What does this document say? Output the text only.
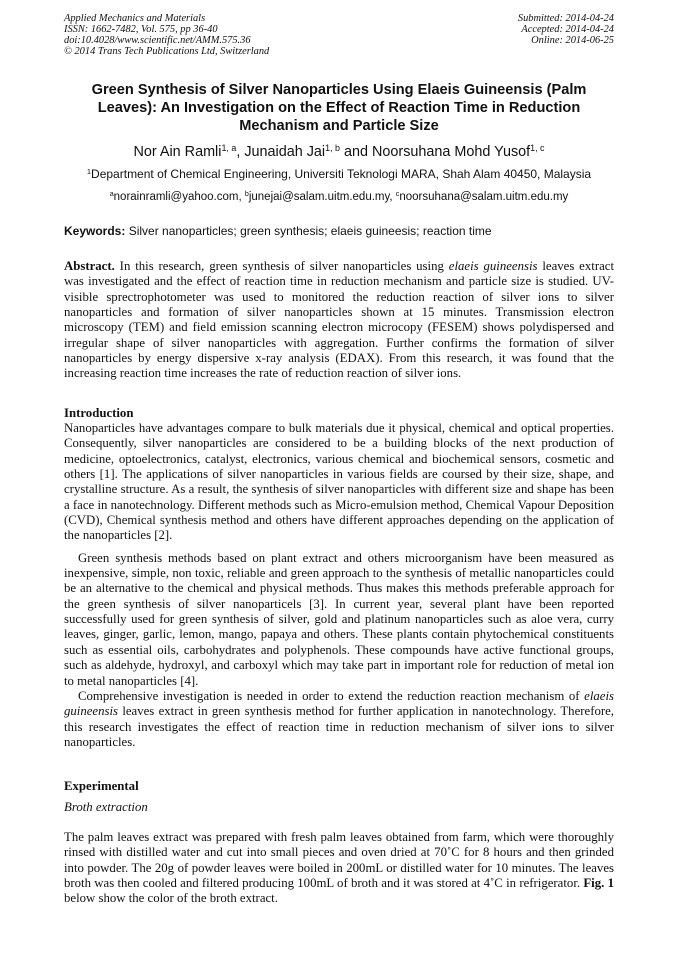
Applied Mechanics and Materials
ISSN: 1662-7482, Vol. 575, pp 36-40
doi:10.4028/www.scientific.net/AMM.575.36
© 2014 Trans Tech Publications Ltd, Switzerland
Submitted: 2014-04-24
Accepted: 2014-04-24
Online: 2014-06-25
Green Synthesis of Silver Nanoparticles Using Elaeis Guineensis (Palm
Leaves): An Investigation on the Effect of Reaction Time in Reduction
Mechanism and Particle Size
Nor Ain Ramli$^{1, a}$, Junaidah Jai$^{1, b}$ and Noorsuhana Mohd Yusof$^{1, c}$
$^1$Department of Chemical Engineering, Universiti Teknologi MARA, Shah Alam 40450, Malaysia
$^a$norainramli@yahoo.com, $^b$junejai@salam.uitm.edu.my, $^c$noorsuhana@salam.uitm.edu.my
Keywords: Silver nanoparticles; green synthesis; elaeis guineesis; reaction time

Abstract. In this research, green synthesis of silver nanoparticles using elaeis guineensis leaves extract was investigated and the effect of reaction time in reduction mechanism and particle size is studied. UV-visible sprectrophotometer was used to monitored the reduction reaction of silver ions to silver nanoparticles and formation of silver nanoparticles shown at 15 minutes. Transmission electron microscopy (TEM) and field emission scanning electron microcopy (FESEM) shows polydispersed and irregular shape of silver nanoparticles with aggregation. Further confirms the formation of silver nanoparticles by energy dispersive x-ray analysis (EDAX). From this research, it was found that the increasing reaction time increases the rate of reduction reaction of silver ions.

Introduction

Nanoparticles have advantages compare to bulk materials due it physical, chemical and optical properties. Consequently, silver nanoparticles are considered to be a building blocks of the next production of medicine, optoelectronics, catalyst, electronics, various chemical and biochemical sensors, cosmetic and others [1]. The applications of silver nanoparticles in various fields are coursed by their size, shape, and crystalline structure. As a result, the synthesis of silver nanoparticles with different size and shape has been a face in nanotechnology. Different methods such as Micro-emulsion method, Chemical Vapour Deposition (CVD), Chemical synthesis method and others have different approaches depending on the application of the nanoparticles [2].

Green synthesis methods based on plant extract and others microorganism have been measured as inexpensive, simple, non toxic, reliable and green approach to the synthesis of metallic nanoparticles could be an alternative to the chemical and physical methods. Thus makes this methods preferable approach for the green synthesis of silver nanoparticels [3]. In current year, several plant have been reported successfully used for green synthesis of silver, gold and platinum nanoparticles such as aloe vera, curry leaves, ginger, garlic, lemon, mango, papaya and others. These plants contain phytochemical constituents such as essential oils, carbohydrates and polyphenols. These compounds have active functional groups, such as aldehyde, hydroxyl, and carboxyl which may take part in important role for reduction of metal ion to metal nanoparticles [4].

Comprehensive investigation is needed in order to extend the reduction reaction mechanism of elaeis guineensis leaves extract in green synthesis method for further application in nanotechnology. Therefore, this research investigates the effect of reaction time in reduction mechanism of silver ions to silver nanoparticles.

Experimental
Broth extraction

The palm leaves extract was prepared with fresh palm leaves obtained from farm, which were thoroughly rinsed with distilled water and cut into small pieces and oven dried at 70˚C for 8 hours and then grinded into powder. The 20g of powder leaves were boiled in 200mL or distilled water for 10 minutes. The leaves broth was then cooled and filtered producing 100mL of broth and it was stored at 4˚C in refrigerator. Fig. 1 below show the color of the broth extract.
